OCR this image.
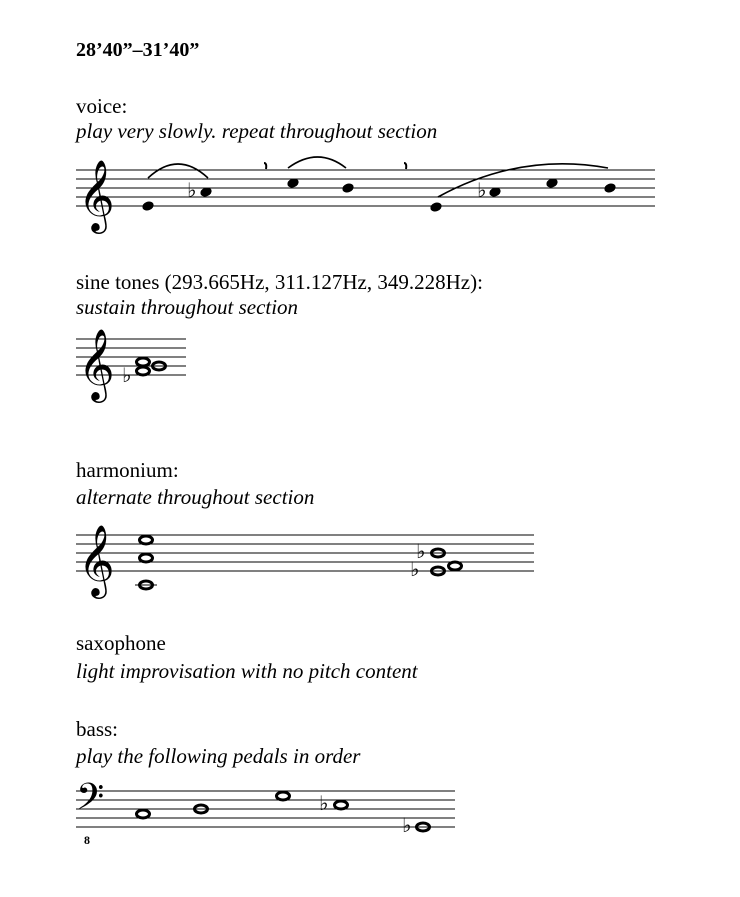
28’40”–31’40”
voice:
play very slowly. repeat throughout section
𝄞	♭	♭
sine tones (293.665Hz, 311.127Hz, 349.228Hz):
sustain throughout section
𝄞 ♭
harmonium:
alternate throughout section
𝄞	♭
♭
saxophone
light improvisation with no pitch content
bass:
play the following pedals in order
𝄢
8
♭
♭
